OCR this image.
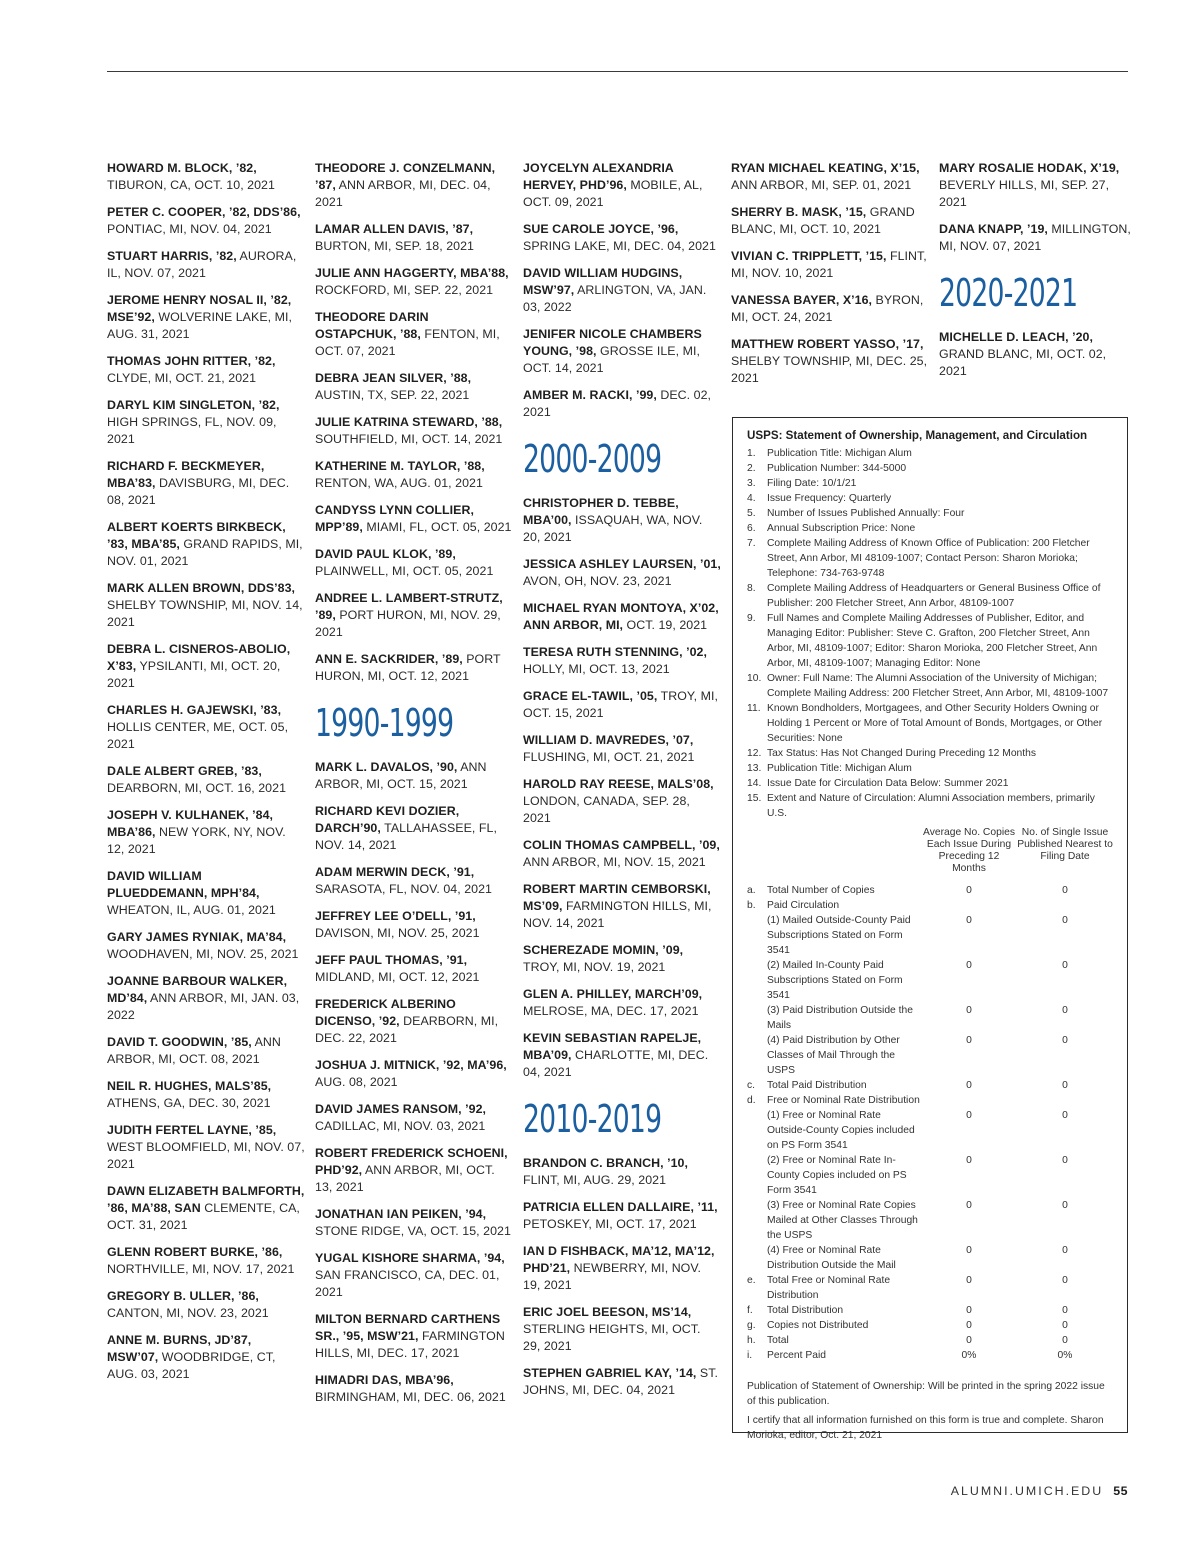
HOWARD M. BLOCK, ’82, TIBURON, CA, OCT. 10, 2021
PETER C. COOPER, ’82, DDS’86, PONTIAC, MI, NOV. 04, 2021
STUART HARRIS, ’82, AURORA, IL, NOV. 07, 2021
JEROME HENRY NOSAL II, ’82, MSE’92, WOLVERINE LAKE, MI, AUG. 31, 2021
THOMAS JOHN RITTER, ’82, CLYDE, MI, OCT. 21, 2021
DARYL KIM SINGLETON, ’82, HIGH SPRINGS, FL, NOV. 09, 2021
RICHARD F. BECKMEYER, MBA’83, DAVISBURG, MI, DEC. 08, 2021
ALBERT KOERTS BIRKBECK, ’83, MBA’85, GRAND RAPIDS, MI, NOV. 01, 2021
MARK ALLEN BROWN, DDS’83, SHELBY TOWNSHIP, MI, NOV. 14, 2021
DEBRA L. CISNEROS-ABOLIO, X’83, YPSILANTI, MI, OCT. 20, 2021
CHARLES H. GAJEWSKI, ’83, HOLLIS CENTER, ME, OCT. 05, 2021
DALE ALBERT GREB, ’83, DEARBORN, MI, OCT. 16, 2021
JOSEPH V. KULHANEK, ’84, MBA’86, NEW YORK, NY, NOV. 12, 2021
DAVID WILLIAM PLUEDDEMANN, MPH’84, WHEATON, IL, AUG. 01, 2021
GARY JAMES RYNIAK, MA’84, WOODHAVEN, MI, NOV. 25, 2021
JOANNE BARBOUR WALKER, MD’84, ANN ARBOR, MI, JAN. 03, 2022
DAVID T. GOODWIN, ’85, ANN ARBOR, MI, OCT. 08, 2021
NEIL R. HUGHES, MALS’85, ATHENS, GA, DEC. 30, 2021
JUDITH FERTEL LAYNE, ’85, WEST BLOOMFIELD, MI, NOV. 07, 2021
DAWN ELIZABETH BALMFORTH, ’86, MA’88, SAN CLEMENTE, CA, OCT. 31, 2021
GLENN ROBERT BURKE, ’86, NORTHVILLE, MI, NOV. 17, 2021
GREGORY B. ULLER, ’86, CANTON, MI, NOV. 23, 2021
ANNE M. BURNS, JD’87, MSW’07, WOODBRIDGE, CT, AUG. 03, 2021
THEODORE J. CONZELMANN, ’87, ANN ARBOR, MI, DEC. 04, 2021
LAMAR ALLEN DAVIS, ’87, BURTON, MI, SEP. 18, 2021
JULIE ANN HAGGERTY, MBA’88, ROCKFORD, MI, SEP. 22, 2021
THEODORE DARIN OSTAPCHUK, ’88, FENTON, MI, OCT. 07, 2021
DEBRA JEAN SILVER, ’88, AUSTIN, TX, SEP. 22, 2021
JULIE KATRINA STEWARD, ’88, SOUTHFIELD, MI, OCT. 14, 2021
KATHERINE M. TAYLOR, ’88, RENTON, WA, AUG. 01, 2021
CANDYSS LYNN COLLIER, MPP’89, MIAMI, FL, OCT. 05, 2021
DAVID PAUL KLOK, ’89, PLAINWELL, MI, OCT. 05, 2021
ANDREE L. LAMBERT-STRUTZ, ’89, PORT HURON, MI, NOV. 29, 2021
ANN E. SACKRIDER, ’89, PORT HURON, MI, OCT. 12, 2021
1990-1999
MARK L. DAVALOS, ’90, ANN ARBOR, MI, OCT. 15, 2021
RICHARD KEVI DOZIER, DARCH’90, TALLAHASSEE, FL, NOV. 14, 2021
ADAM MERWIN DECK, ’91, SARASOTA, FL, NOV. 04, 2021
JEFFREY LEE O’DELL, ’91, DAVISON, MI, NOV. 25, 2021
JEFF PAUL THOMAS, ’91, MIDLAND, MI, OCT. 12, 2021
FREDERICK ALBERINO DICENSO, ’92, DEARBORN, MI, DEC. 22, 2021
JOSHUA J. MITNICK, ’92, MA’96, AUG. 08, 2021
DAVID JAMES RANSOM, ’92, CADILLAC, MI, NOV. 03, 2021
ROBERT FREDERICK SCHOENI, PHD’92, ANN ARBOR, MI, OCT. 13, 2021
JONATHAN IAN PEIKEN, ’94, STONE RIDGE, VA, OCT. 15, 2021
YUGAL KISHORE SHARMA, ’94, SAN FRANCISCO, CA, DEC. 01, 2021
MILTON BERNARD CARTHENS SR., ’95, MSW’21, FARMINGTON HILLS, MI, DEC. 17, 2021
HIMADRI DAS, MBA’96, BIRMINGHAM, MI, DEC. 06, 2021
JOYCELYN ALEXANDRIA HERVEY, PHD’96, MOBILE, AL, OCT. 09, 2021
SUE CAROLE JOYCE, ’96, SPRING LAKE, MI, DEC. 04, 2021
DAVID WILLIAM HUDGINS, MSW’97, ARLINGTON, VA, JAN. 03, 2022
JENIFER NICOLE CHAMBERS YOUNG, ’98, GROSSE ILE, MI, OCT. 14, 2021
AMBER M. RACKI, ’99, DEC. 02, 2021
2000-2009
CHRISTOPHER D. TEBBE, MBA’00, ISSAQUAH, WA, NOV. 20, 2021
JESSICA ASHLEY LAURSEN, ’01, AVON, OH, NOV. 23, 2021
MICHAEL RYAN MONTOYA, X’02, ANN ARBOR, MI, OCT. 19, 2021
TERESA RUTH STENNING, ’02, HOLLY, MI, OCT. 13, 2021
GRACE EL-TAWIL, ’05, TROY, MI, OCT. 15, 2021
WILLIAM D. MAVREDES, ’07, FLUSHING, MI, OCT. 21, 2021
HAROLD RAY REESE, MALS’08, LONDON, CANADA, SEP. 28, 2021
COLIN THOMAS CAMPBELL, ’09, ANN ARBOR, MI, NOV. 15, 2021
ROBERT MARTIN CEMBORSKI, MS’09, FARMINGTON HILLS, MI, NOV. 14, 2021
SCHEREZADE MOMIN, ’09, TROY, MI, NOV. 19, 2021
GLEN A. PHILLEY, MARCH’09, MELROSE, MA, DEC. 17, 2021
KEVIN SEBASTIAN RAPELJE, MBA’09, CHARLOTTE, MI, DEC. 04, 2021
2010-2019
BRANDON C. BRANCH, ’10, FLINT, MI, AUG. 29, 2021
PATRICIA ELLEN DALLAIRE, ’11, PETOSKEY, MI, OCT. 17, 2021
IAN D FISHBACK, MA’12, MA’12, PHD’21, NEWBERRY, MI, NOV. 19, 2021
ERIC JOEL BEESON, MS’14, STERLING HEIGHTS, MI, OCT. 29, 2021
STEPHEN GABRIEL KAY, ’14, ST. JOHNS, MI, DEC. 04, 2021
RYAN MICHAEL KEATING, X’15, ANN ARBOR, MI, SEP. 01, 2021
SHERRY B. MASK, ’15, GRAND BLANC, MI, OCT. 10, 2021
VIVIAN C. TRIPPLETT, ’15, FLINT, MI, NOV. 10, 2021
VANESSA BAYER, X’16, BYRON, MI, OCT. 24, 2021
MATTHEW ROBERT YASSO, ’17, SHELBY TOWNSHIP, MI, DEC. 25, 2021
MARY ROSALIE HODAK, X’19, BEVERLY HILLS, MI, SEP. 27, 2021
DANA KNAPP, ’19, MILLINGTON, MI, NOV. 07, 2021
2020-2021
MICHELLE D. LEACH, ’20, GRAND BLANC, MI, OCT. 02, 2021
USPS: Statement of Ownership, Management, and Circulation
1.	Publication Title: Michigan Alum
2.	Publication Number: 344-5000
3.	Filing Date: 10/1/21
4.	Issue Frequency: Quarterly
5.	Number of Issues Published Annually: Four
6.	Annual Subscription Price: None
7.	Complete Mailing Address of Known Office of Publication: 200 Fletcher Street, Ann Arbor, MI 48109-1007; Contact Person: Sharon Morioka; Telephone: 734-763-9748
8.	Complete Mailing Address of Headquarters or General Business Office of Publisher: 200 Fletcher Street, Ann Arbor, 48109-1007
9.	Full Names and Complete Mailing Addresses of Publisher, Editor, and Managing Editor: Publisher: Steve C. Grafton, 200 Fletcher Street, Ann Arbor, MI, 48109-1007; Editor: Sharon Morioka, 200 Fletcher Street, Ann Arbor, MI, 48109-1007; Managing Editor: None
10. Owner: Full Name: The Alumni Association of the University of Michigan; Complete Mailing Address: 200 Fletcher Street, Ann Arbor, MI, 48109-1007
11. Known Bondholders, Mortgagees, and Other Security Holders Owning or Holding 1 Percent or More of Total Amount of Bonds, Mortgages, or Other Securities: None
12. Tax Status: Has Not Changed During Preceding 12 Months
13. Publication Title: Michigan Alum
14. Issue Date for Circulation Data Below: Summer 2021
15. Extent and Nature of Circulation: Alumni Association members, primarily U.S.
		Average No. Copies Each Issue During Preceding 12 Months	No. of Single Issue Published Nearest to Filing Date
a.	Total Number of Copies	0	0
b.	Paid Circulation		
	(1) Mailed Outside-County Paid Subscriptions Stated on Form 3541	0	0
	(2) Mailed In-County Paid Subscriptions Stated on Form 3541	0	0
	(3) Paid Distribution Outside the Mails	0	0
	(4) Paid Distribution by Other Classes of Mail Through the USPS	0	0
c.	Total Paid Distribution	0	0
d.	Free or Nominal Rate Distribution		
	(1) Free or Nominal Rate Outside-County Copies included on PS Form 3541	0	0
	(2) Free or Nominal Rate In-County Copies included on PS Form 3541	0	0
	(3) Free or Nominal Rate Copies Mailed at Other Classes Through the USPS	0	0
	(4) Free or Nominal Rate Distribution Outside the Mail	0	0
e.	Total Free or Nominal Rate Distribution	0	0
f.	Total Distribution	0	0
g.	Copies not Distributed	0	0
h.	Total	0	0
i.	Percent Paid	0%	0%

Publication of Statement of Ownership: Will be printed in the spring 2022 issue of this publication.

I certify that all information furnished on this form is true and complete. Sharon Morioka, editor, Oct. 21, 2021

ALUMNI.UMICH.EDU 55
